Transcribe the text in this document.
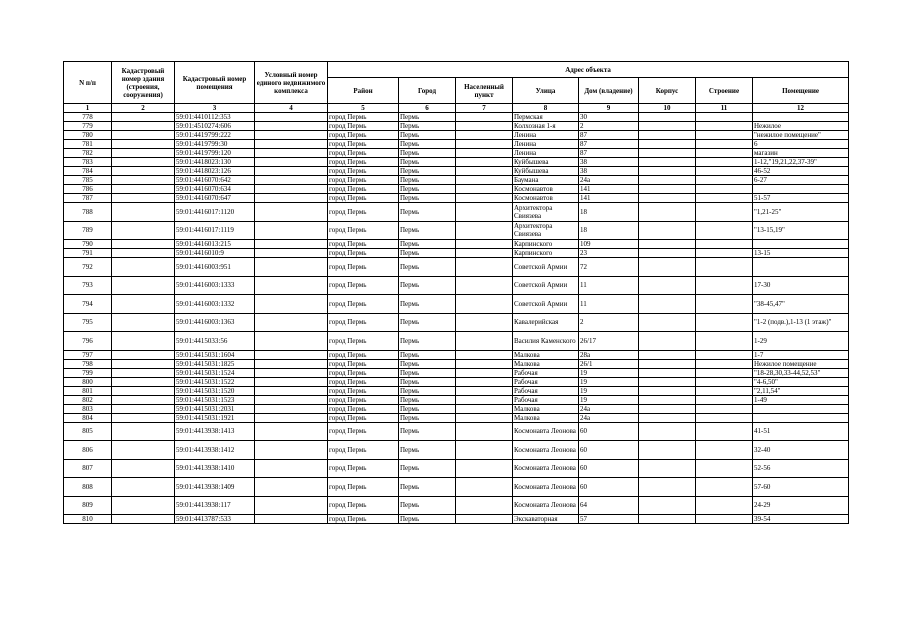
N п/п	Кадастровый номер здания (строения, сооружения)	Кадастровый номер помещения	Условный номер единого недвижимого комплекса	Адрес объекта							
				Район	Город	Населенный пункт	Улица	Дом (владение)	Корпус	Строение	Помещение
1	2	3	4	5	6	7	8	9	10	11	12
778		59:01:4410112:353		город Пермь	Пермь		Пермская	30			
779		59:01:4510274:606		город Пермь	Пермь		Колхозная 1-я	2			Нежилое
780		59:01:4419799:222		город Пермь	Пермь		Ленина	87			"нежилое помещение"
781		59:01:4419799:30		город Пермь	Пермь		Ленина	87			6
782		59:01:4419799:120		город Пермь	Пермь		Ленина	87			магазин
783		59:01:4418023:130		город Пермь	Пермь		Куйбышева	38			1-12,"19,21,22,37-39"
784		59:01:4418023:126		город Пермь	Пермь		Куйбышева	38			46-52
785		59:01:4416070:642		город Пермь	Пермь		Баумана	24а			6-27
786		59:01:4416070:634		город Пермь	Пермь		Космонавтов	141			
787		59:01:4416070:647		город Пермь	Пермь		Космонавтов	141			51-57
788		59:01:4416017:1120		город Пермь	Пермь		Архитектора Свиязева	18			"1,21-25"
789		59:01:4416017:1119		город Пермь	Пермь		Архитектора Свиязева	18			"13-15,19"
790		59:01:4416013:215		город Пермь	Пермь		Карпинского	109			
791		59:01:4416010:9		город Пермь	Пермь		Карпинского	23			13-15
792		59:01:4416003:951		город Пермь	Пермь		Советской Армии	72			
793		59:01:4416003:1333		город Пермь	Пермь		Советской Армии	11			17-30
794		59:01:4416003:1332		город Пермь	Пермь		Советской Армии	11			"38-45,47"
795		59:01:4416003:1363		город Пермь	Пермь		Кавалерийская	2			"1-2 (подв.),1-13 (1 этаж)"
796		59:01:4415033:56		город Пермь	Пермь		Василия Каменского	26/17			1-29
797		59:01:4415031:1604		город Пермь	Пермь		Малкова	28а			1-7
798		59:01:4415031:1825		город Пермь	Пермь		Малкова	26/1			Нежилое помещение
799		59:01:4415031:1524		город Пермь	Пермь		Рабочая	19			"18-28,30,33-44,52,53"
800		59:01:4415031:1522		город Пермь	Пермь		Рабочая	19			"4-6,50"
801		59:01:4415031:1520		город Пермь	Пермь		Рабочая	19			"2,11,54"
802		59:01:4415031:1523		город Пермь	Пермь		Рабочая	19			1-49
803		59:01:4415031:2031		город Пермь	Пермь		Малкова	24а			
804		59:01:4415031:1921		город Пермь	Пермь		Малкова	24а			
805		59:01:4413938:1413		город Пермь	Пермь		Космонавта Леонова	60			41-51
806		59:01:4413938:1412		город Пермь	Пермь		Космонавта Леонова	60			32-40
807		59:01:4413938:1410		город Пермь	Пермь		Космонавта Леонова	60			52-56
808		59:01:4413938:1409		город Пермь	Пермь		Космонавта Леонова	60			57-60
809		59:01:4413938:117		город Пермь	Пермь		Космонавта Леонова	64			24-29
810		59:01:4413787:533		город Пермь	Пермь		Экскаваторная	57			39-54
